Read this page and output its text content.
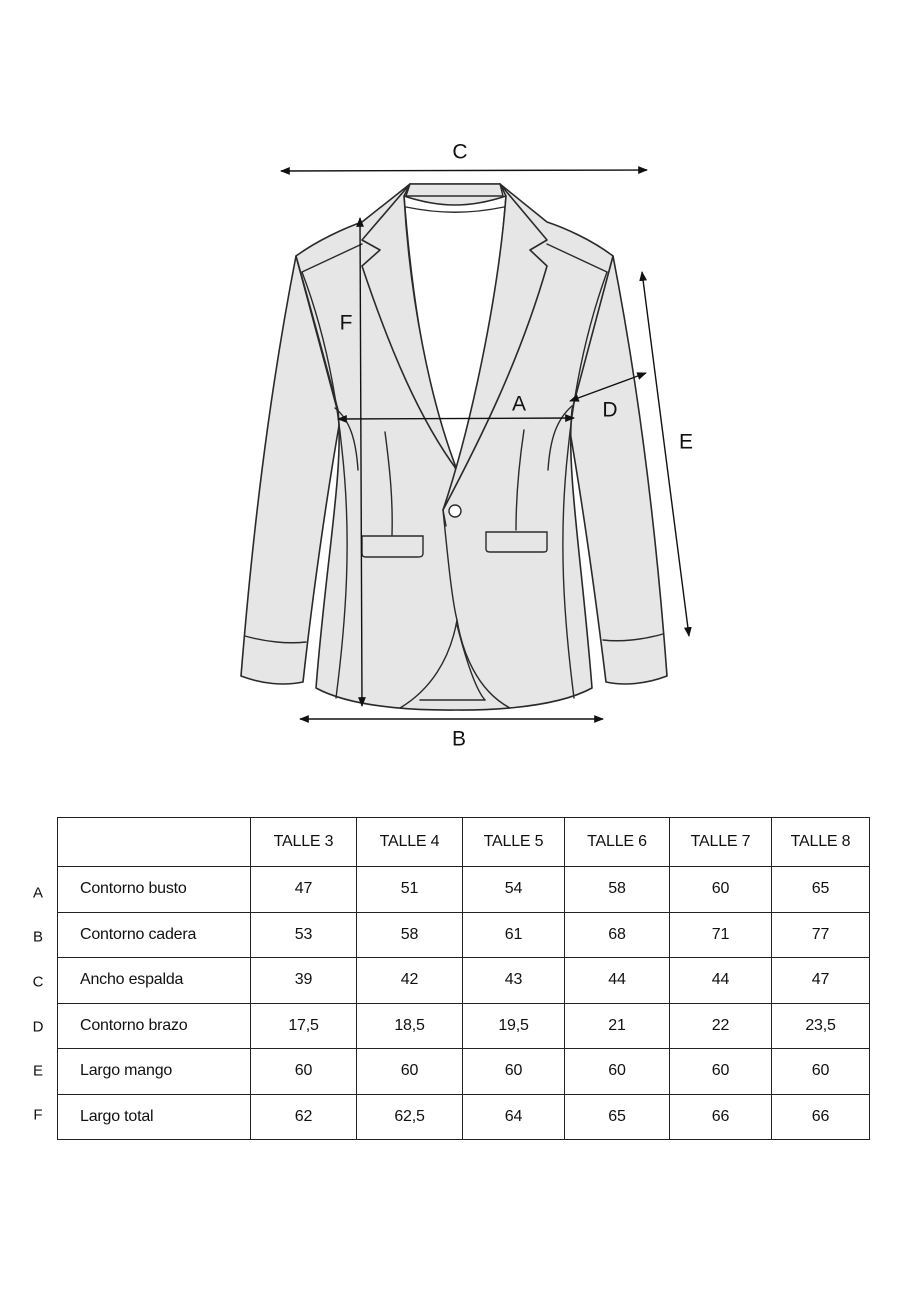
C
F
A	D
E
B
A
B
C
D
E
F
	TALLE 3	TALLE 4	TALLE 5	TALLE 6	TALLE 7	TALLE 8
Contorno busto	47	51	54	58	60	65
Contorno cadera	53	58	61	68	71	77
Ancho espalda	39	42	43	44	44	47
Contorno brazo	17,5	18,5	19,5	21	22	23,5
Largo mango	60	60	60	60	60	60
Largo total	62	62,5	64	65	66	66
